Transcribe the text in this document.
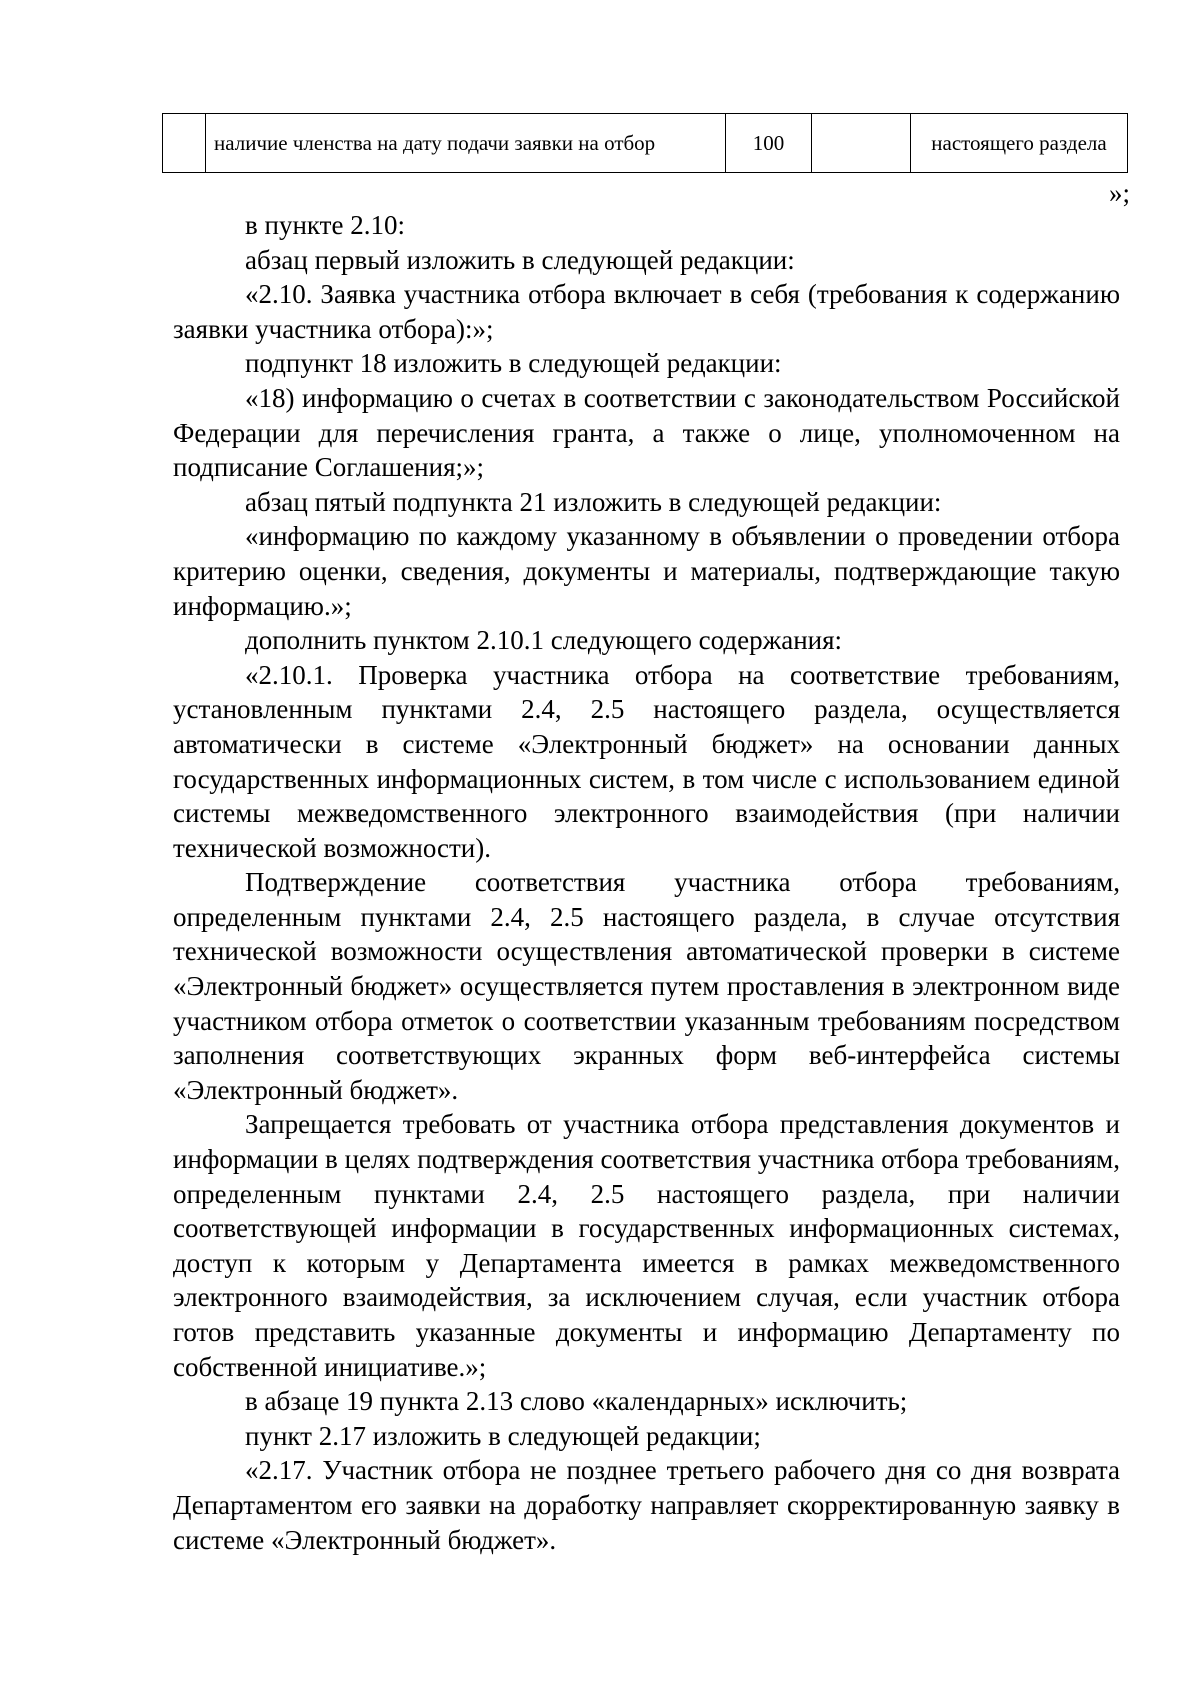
	наличие членства на дату подачи заявки на отбор	100		настоящего раздела
»;

в пункте 2.10:

абзац первый изложить в следующей редакции:

«2.10. Заявка участника отбора включает в себя (требования к содержанию заявки участника отбора):»;

подпункт 18 изложить в следующей редакции:

«18) информацию о счетах в соответствии с законодательством Российской Федерации для перечисления гранта, а также о лице, уполномоченном на подписание Соглашения;»;

абзац пятый подпункта 21 изложить в следующей редакции:

«информацию по каждому указанному в объявлении о проведении отбора критерию оценки, сведения, документы и материалы, подтверждающие такую информацию.»;

дополнить пунктом 2.10.1 следующего содержания:

«2.10.1. Проверка участника отбора на соответствие требованиям, установленным пунктами 2.4, 2.5 настоящего раздела, осуществляется автоматически в системе «Электронный бюджет» на основании данных государственных информационных систем, в том числе с использованием единой системы межведомственного электронного взаимодействия (при наличии технической возможности).

Подтверждение соответствия участника отбора требованиям, определенным пунктами 2.4, 2.5 настоящего раздела, в случае отсутствия технической возможности осуществления автоматической проверки в системе «Электронный бюджет» осуществляется путем проставления в электронном виде участником отбора отметок о соответствии указанным требованиям посредством заполнения соответствующих экранных форм веб-интерфейса системы «Электронный бюджет».

Запрещается требовать от участника отбора представления документов и информации в целях подтверждения соответствия участника отбора требованиям, определенным пунктами 2.4, 2.5 настоящего раздела, при наличии соответствующей информации в государственных информационных системах, доступ к которым у Департамента имеется в рамках межведомственного электронного взаимодействия, за исключением случая, если участник отбора готов представить указанные документы и информацию Департаменту по собственной инициативе.»;

в абзаце 19 пункта 2.13 слово «календарных» исключить;

пункт 2.17 изложить в следующей редакции;

«2.17. Участник отбора не позднее третьего рабочего дня со дня возврата Департаментом его заявки на доработку направляет скорректированную заявку в системе «Электронный бюджет».
